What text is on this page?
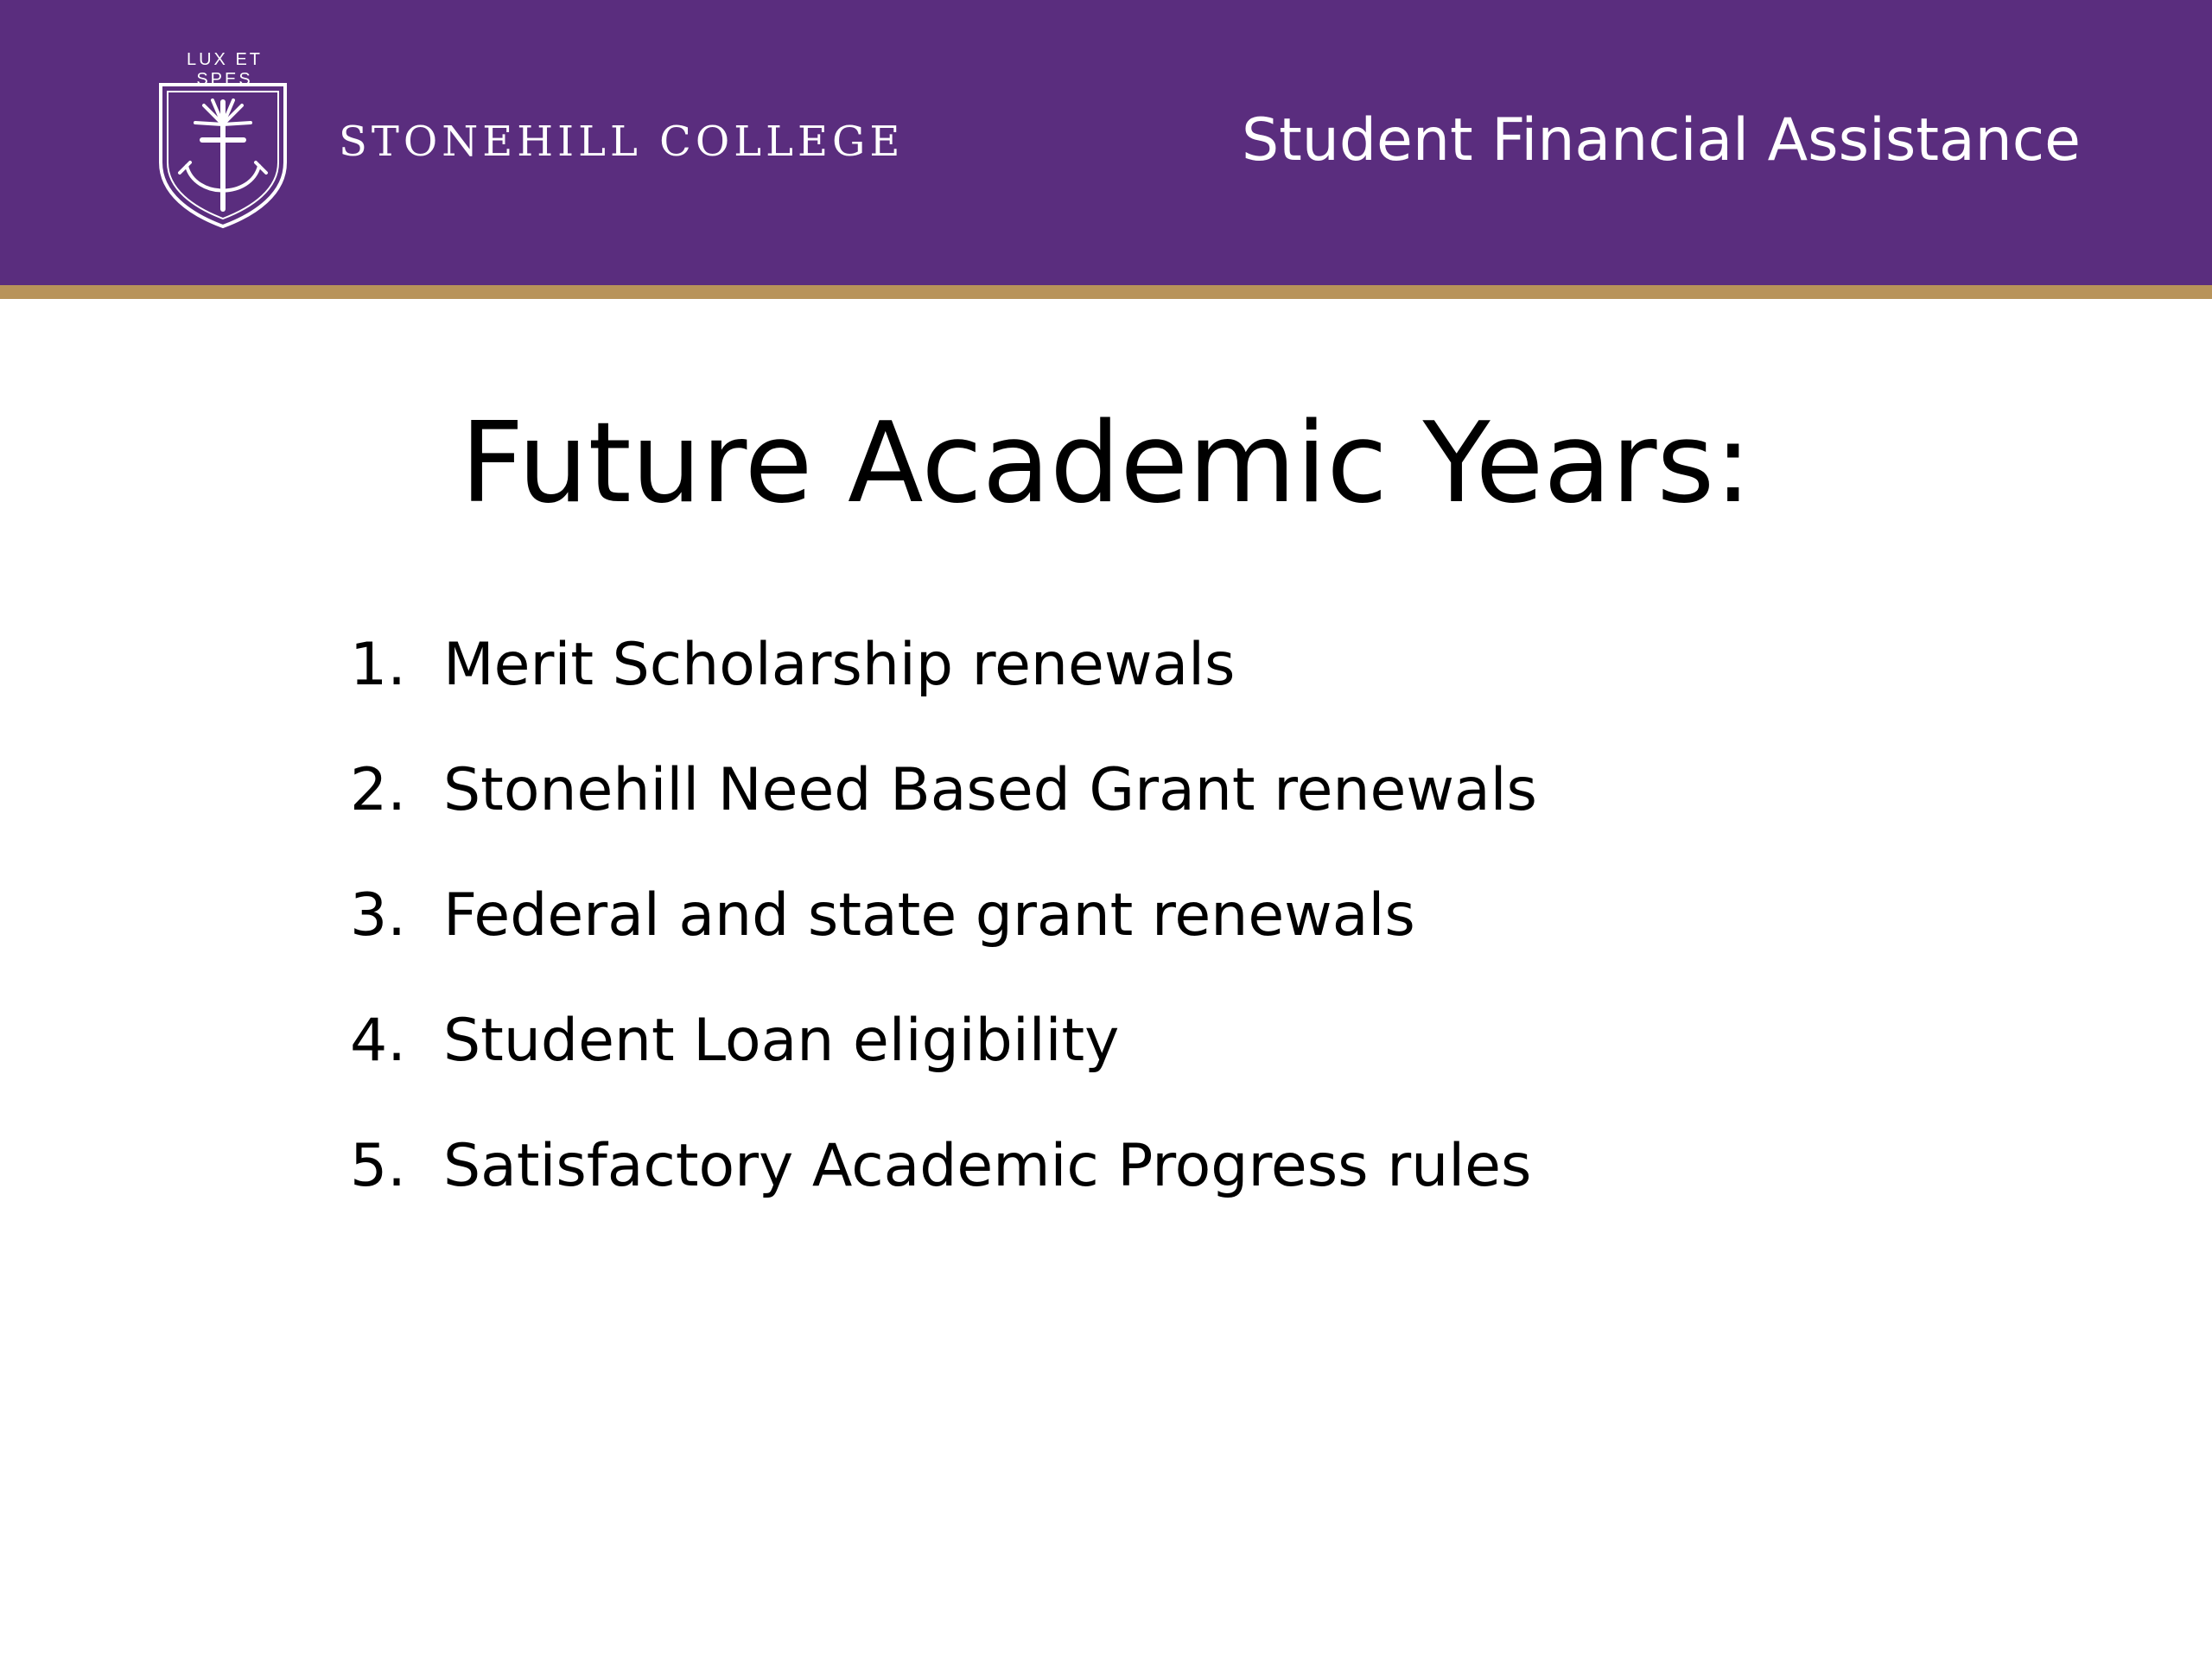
LUX ET SPES
STONEHILL COLLEGE	Student Financial Assistance
Future Academic Years:
1. Merit Scholarship renewals
2. Stonehill Need Based Grant renewals
3. Federal and state grant renewals
4. Student Loan eligibility
5. Satisfactory Academic Progress rules
